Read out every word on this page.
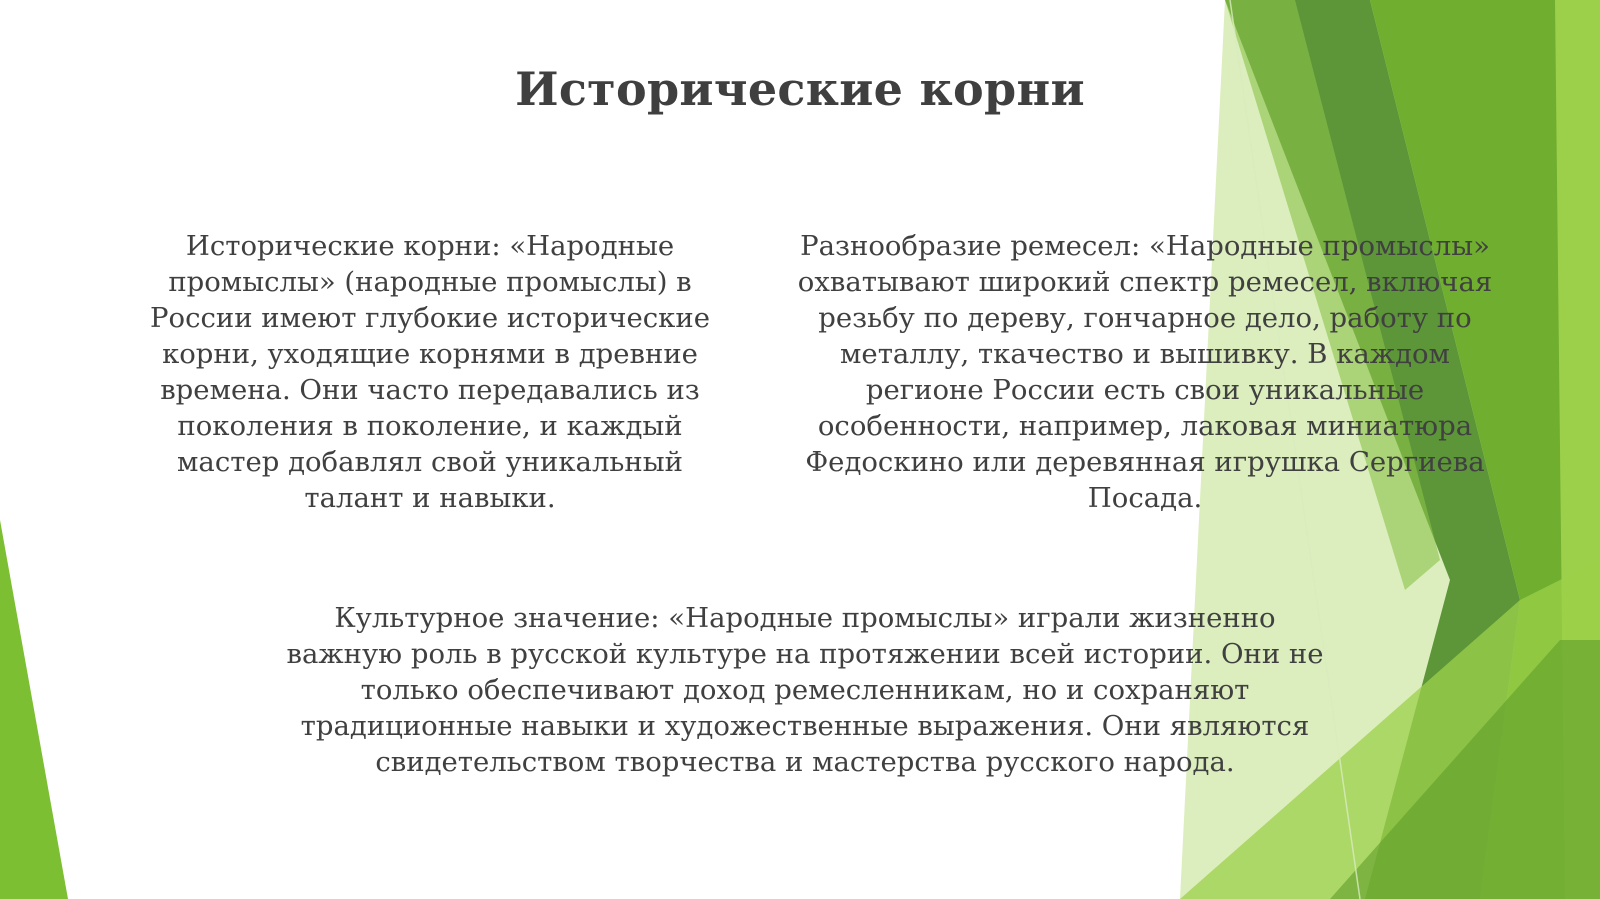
Исторические корни

Исторические корни: «Народные промыслы» (народные промыслы) в России имеют глубокие исторические корни, уходящие корнями в древние времена. Они часто передавались из поколения в поколение, и каждый мастер добавлял свой уникальный талант и навыки.

Разнообразие ремесел: «Народные промыслы» охватывают широкий спектр ремесел, включая резьбу по дереву, гончарное дело, работу по металлу, ткачество и вышивку. В каждом регионе России есть свои уникальные особенности, например, лаковая миниатюра Федоскино или деревянная игрушка Сергиева Посада.

Культурное значение: «Народные промыслы» играли жизненно важную роль в русской культуре на протяжении всей истории. Они не только обеспечивают доход ремесленникам, но и сохраняют традиционные навыки и художественные выражения. Они являются свидетельством творчества и мастерства русского народа.
